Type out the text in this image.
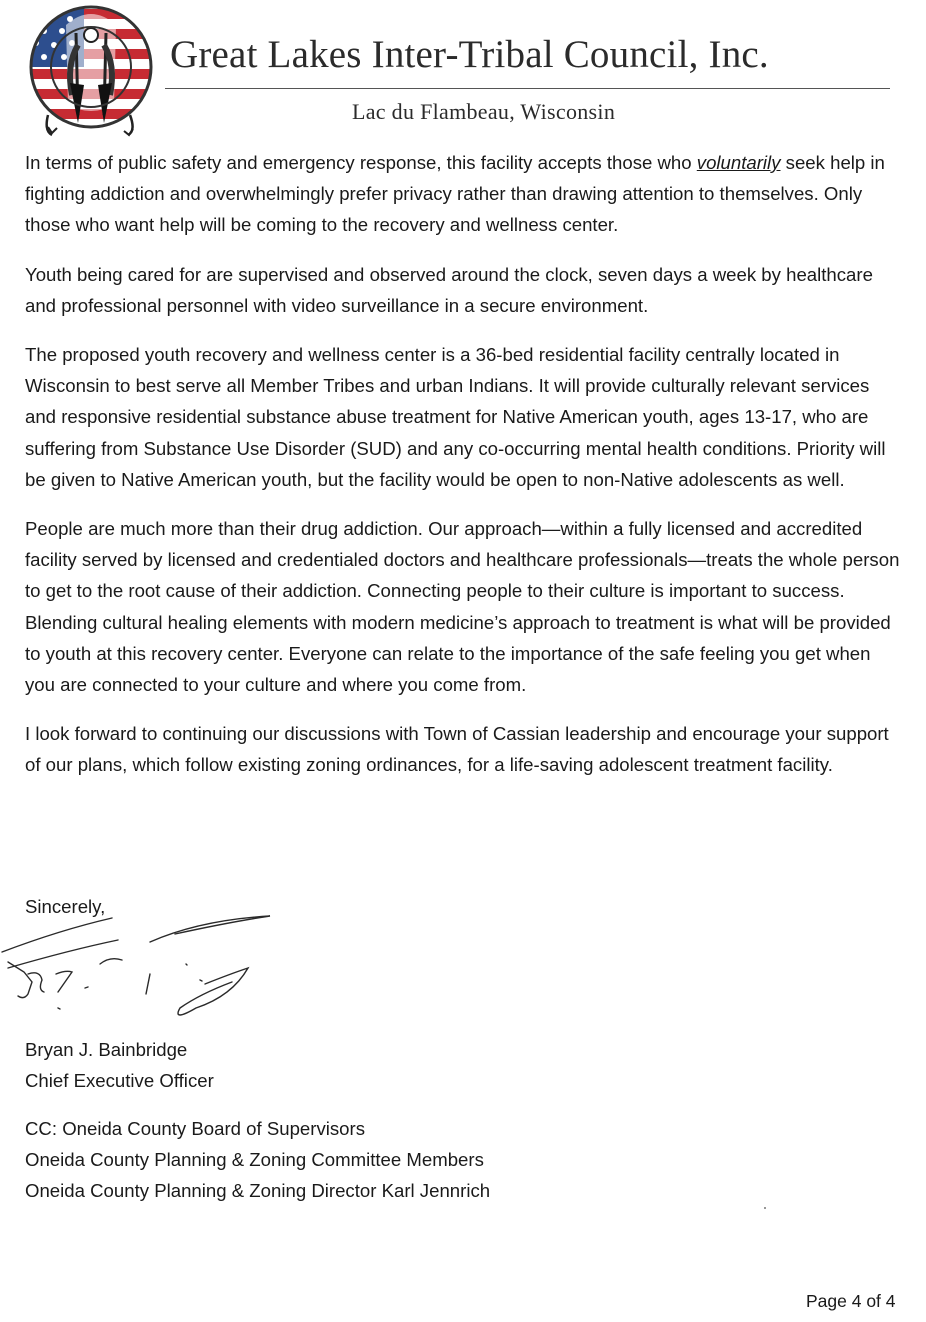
Great Lakes Inter-Tribal Council, Inc.
Lac du Flambeau, Wisconsin

In terms of public safety and emergency response, this facility accepts those who voluntarily seek help in fighting addiction and overwhelmingly prefer privacy rather than drawing attention to themselves. Only those who want help will be coming to the recovery and wellness center.

Youth being cared for are supervised and observed around the clock, seven days a week by healthcare and professional personnel with video surveillance in a secure environment.

The proposed youth recovery and wellness center is a 36-bed residential facility centrally located in Wisconsin to best serve all Member Tribes and urban Indians. It will provide culturally relevant services and responsive residential substance abuse treatment for Native American youth, ages 13-17, who are suffering from Substance Use Disorder (SUD) and any co-occurring mental health conditions. Priority will be given to Native American youth, but the facility would be open to non-Native adolescents as well.

People are much more than their drug addiction. Our approach—within a fully licensed and accredited facility served by licensed and credentialed doctors and healthcare professionals—treats the whole person to get to the root cause of their addiction. Connecting people to their culture is important to success. Blending cultural healing elements with modern medicine’s approach to treatment is what will be provided to youth at this recovery center. Everyone can relate to the importance of the safe feeling you get when you are connected to your culture and where you come from.

I look forward to continuing our discussions with Town of Cassian leadership and encourage your support of our plans, which follow existing zoning ordinances, for a life-saving adolescent treatment facility.

Sincerely,
Bryan J. Bainbridge
Chief Executive Officer
CC: Oneida County Board of Supervisors
Oneida County Planning & Zoning Committee Members
Oneida County Planning & Zoning Director Karl Jennrich
Page 4 of 4
